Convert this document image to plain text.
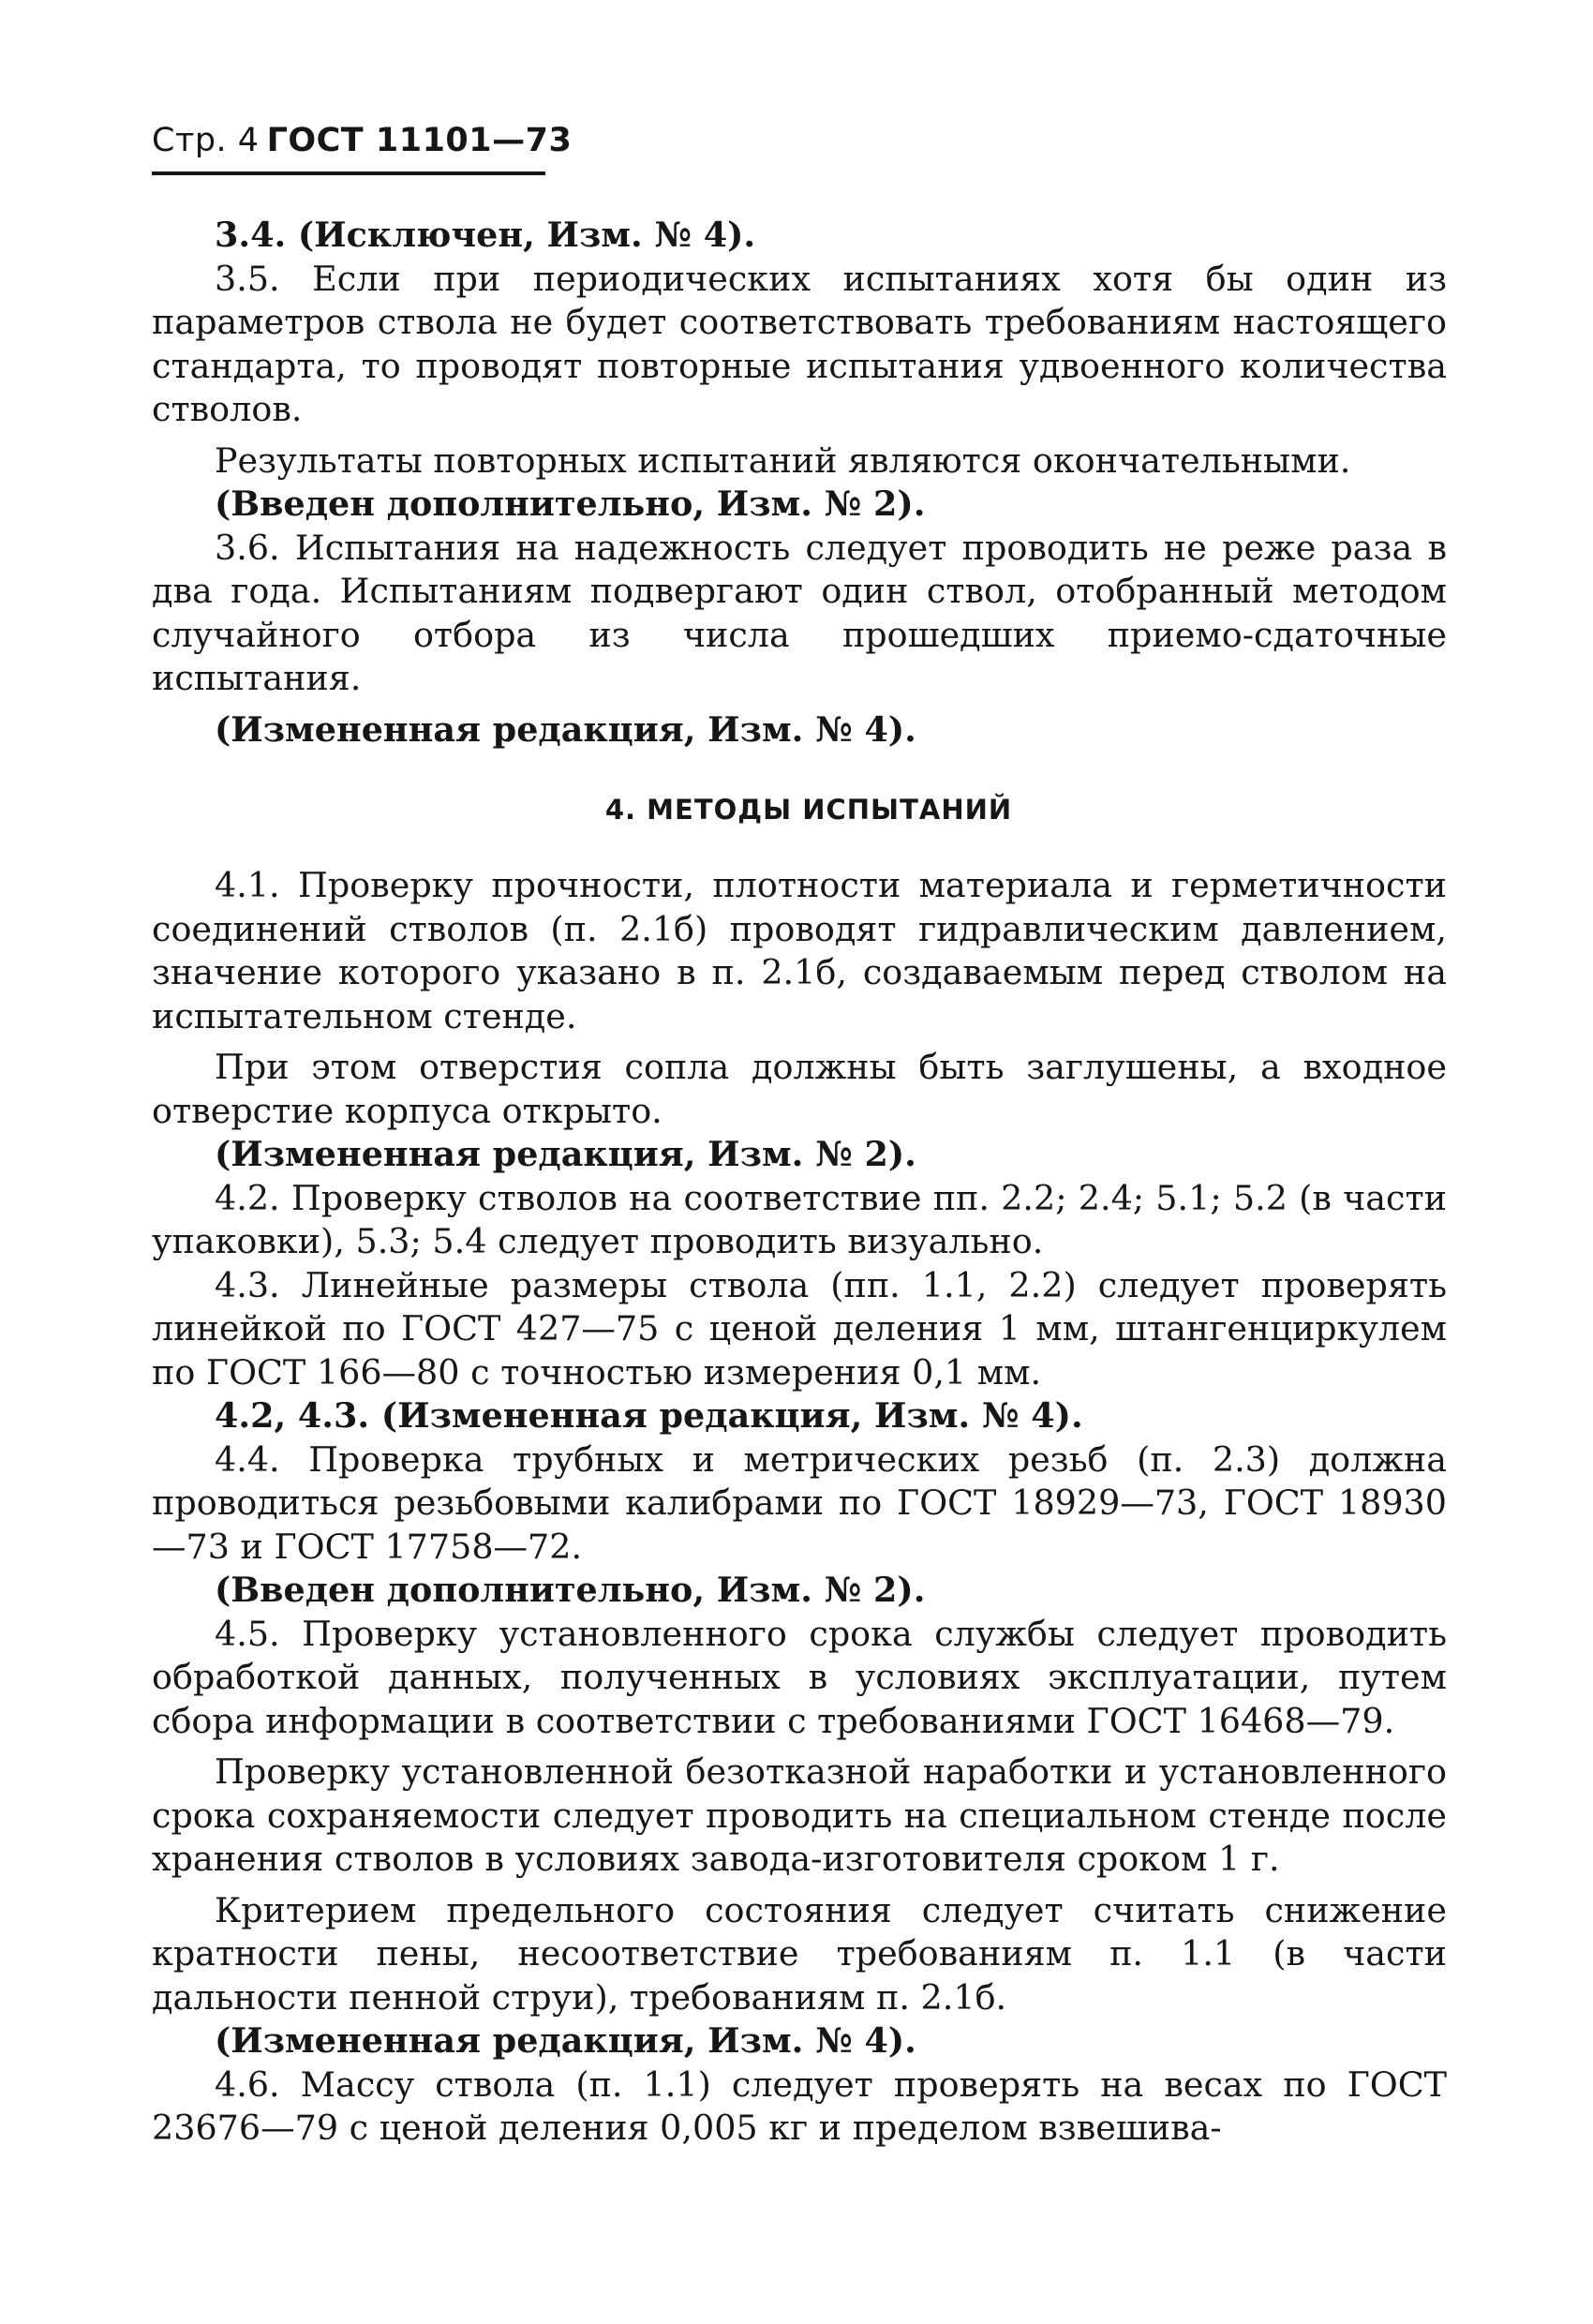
Стр. 4 ГОСТ 11101—73

3.4. (Исключен, Изм. № 4).

3.5. Если при периодических испытаниях хотя бы один из параметров ствола не будет соответствовать требованиям настоящего стандарта, то проводят повторные испытания удвоенного количества стволов.

Результаты повторных испытаний являются окончательными.

(Введен дополнительно, Изм. № 2).

3.6. Испытания на надежность следует проводить не реже раза в два года. Испытаниям подвергают один ствол, отобранный методом случайного отбора из числа прошедших приемо-сдаточные испытания.

(Измененная редакция, Изм. № 4).

4. МЕТОДЫ ИСПЫТАНИЙ

4.1. Проверку прочности, плотности материала и герметичности соединений стволов (п. 2.1б) проводят гидравлическим давлением, значение которого указано в п. 2.1б, создаваемым перед стволом на испытательном стенде.

При этом отверстия сопла должны быть заглушены, а входное отверстие корпуса открыто.

(Измененная редакция, Изм. № 2).

4.2. Проверку стволов на соответствие пп. 2.2; 2.4; 5.1; 5.2 (в части упаковки), 5.3; 5.4 следует проводить визуально.

4.3. Линейные размеры ствола (пп. 1.1, 2.2) следует проверять линейкой по ГОСТ 427—75 с ценой деления 1 мм, штангенциркулем по ГОСТ 166—80 с точностью измерения 0,1 мм.

4.2, 4.3. (Измененная редакция, Изм. № 4).

4.4. Проверка трубных и метрических резьб (п. 2.3) должна проводиться резьбовыми калибрами по ГОСТ 18929—73, ГОСТ 18930—73 и ГОСТ 17758—72.

(Введен дополнительно, Изм. № 2).

4.5. Проверку установленного срока службы следует проводить обработкой данных, полученных в условиях эксплуатации, путем сбора информации в соответствии с требованиями ГОСТ 16468—79.

Проверку установленной безотказной наработки и установленного срока сохраняемости следует проводить на специальном стенде после хранения стволов в условиях завода-изготовителя сроком 1 г.

Критерием предельного состояния следует считать снижение кратности пены, несоответствие требованиям п. 1.1 (в части дальности пенной струи), требованиям п. 2.1б.

(Измененная редакция, Изм. № 4).

4.6. Массу ствола (п. 1.1) следует проверять на весах по ГОСТ 23676—79 с ценой деления 0,005 кг и пределом взвешива-
